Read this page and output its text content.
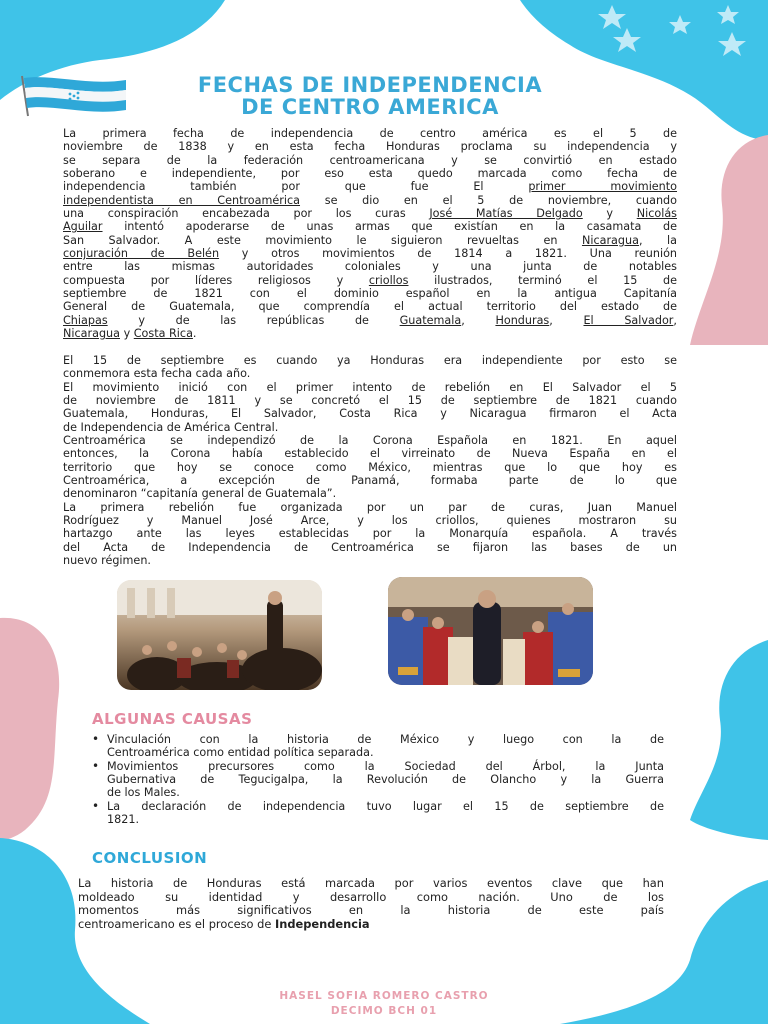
FECHAS DE INDEPENDENCIA
DE CENTRO AMERICA
La primera fecha de independencia de centro américa es el 5 de
noviembre de 1838 y en esta fecha Honduras proclama su independencia y
se separa de la federación centroamericana y se convirtió en estado
soberano e independiente, por eso esta quedo marcada como fecha de
independencia también por que fue El	primer movimiento
independentista en Centroamérica se dio en el 5 de noviembre, cuando
una conspiración encabezada por los curas José Matías Delgado y Nicolás
Aguilar intentó apoderarse de unas armas que existían en la casamata de
San Salvador. A este movimiento le siguieron revueltas en Nicaragua, la
conjuración de Belén y otros movimientos de 1814 a 1821. Una reunión
entre las mismas autoridades coloniales y una junta de notables
compuesta por líderes religiosos y criollos ilustrados, terminó el 15 de
septiembre de 1821 con el dominio español en la antigua Capitanía
General de Guatemala, que comprendía el actual territorio del estado de
Chiapas	y de las repúblicas de	Guatemala, Honduras, El Salvador,
Nicaragua y Costa Rica.
El 15 de septiembre es cuando ya Honduras era independiente por esto se
conmemora esta fecha cada año.
El movimiento inició con el primer intento de rebelión en El Salvador el 5
de noviembre de 1811 y se concretó el 15 de septiembre de 1821 cuando
Guatemala, Honduras, El Salvador, Costa Rica y Nicaragua firmaron el Acta
de Independencia de América Central.
Centroamérica se independizó de la Corona Española en 1821. En aquel
entonces, la Corona había establecido el virreinato de Nueva España en el
territorio que hoy se conoce como México, mientras que lo que hoy es
Centroamérica, a excepción de Panamá, formaba parte de lo que
denominaron “capitanía general de Guatemala”.
La primera rebelión fue organizada por un par de curas, Juan Manuel
Rodríguez y Manuel José Arce, y los criollos, quienes mostraron su
hartazgo ante las leyes establecidas por la Monarquía española. A través
del Acta de Independencia de Centroamérica se fijaron las bases de un
nuevo régimen.
ALGUNAS CAUSAS
• Vinculación con la historia de México y luego con la de
Centroamérica como entidad política separada.
• Movimientos precursores como la Sociedad del Árbol, la Junta
Gubernativa de Tegucigalpa, la Revolución de Olancho y la Guerra
de los Males.
• La declaración de independencia tuvo lugar el 15 de septiembre de
1821.
CONCLUSION
La historia de Honduras está marcada por varios eventos clave que han
moldeado su identidad y desarrollo como nación. Uno de los
momentos más significativos en la historia de este país
centroamericano es el proceso de Independencia
HASEL SOFIA ROMERO CASTRO
DECIMO BCH 01
